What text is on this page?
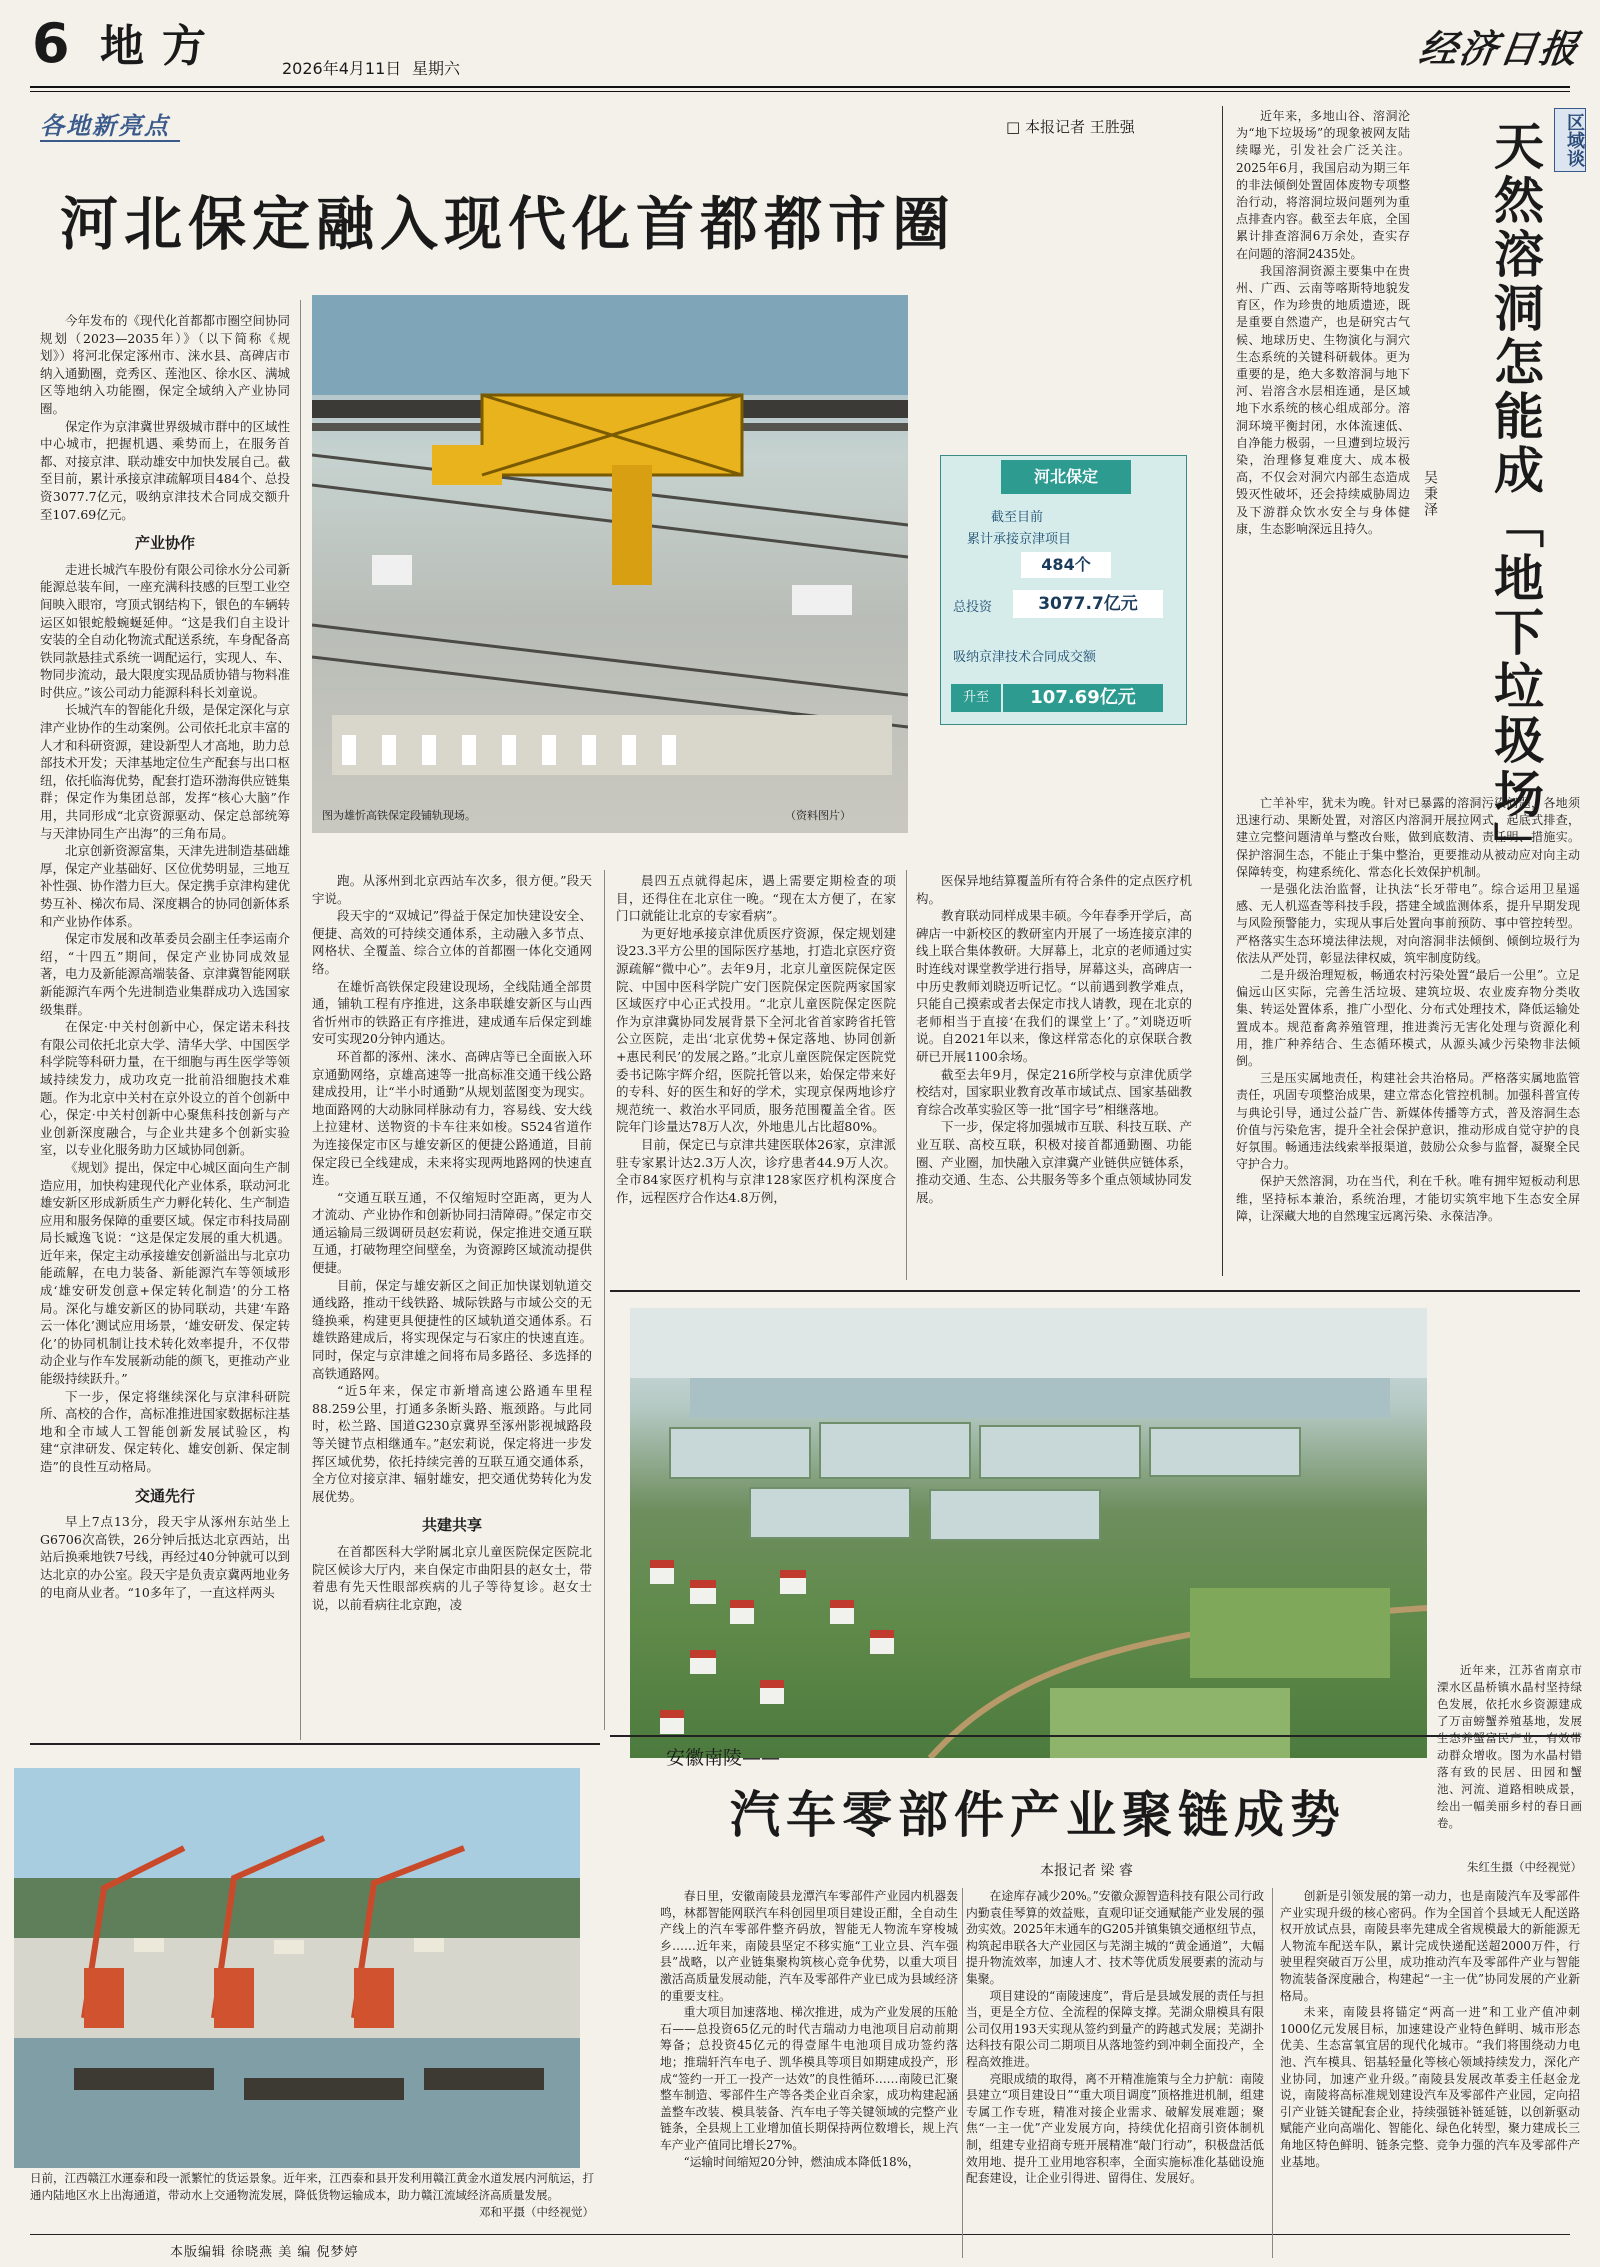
6 地方	2026年4月11日 星期六	经济日报
各地新亮点	□ 本报记者 王胜强
河北保定融入现代化首都都市圈
河北保定
截至目前
累计承接京津项目
484个
总投资	3077.7亿元
吸纳京津技术合同成交额
升至	107.69亿元
图为雄忻高铁保定段铺轨现场。	（资料图片）

今年发布的《现代化首都都市圈空间协同规划（2023—2035年）》（以下简称《规划》）将河北保定涿州市、涞水县、高碑店市纳入通勤圈，竞秀区、莲池区、徐水区、满城区等地纳入功能圈，保定全域纳入产业协同圈。

保定作为京津冀世界级城市群中的区域性中心城市，把握机遇、乘势而上，在服务首都、对接京津、联动雄安中加快发展自己。截至目前，累计承接京津疏解项目484个、总投资3077.7亿元，吸纳京津技术合同成交额升至107.69亿元。

产业协作

走进长城汽车股份有限公司徐水分公司新能源总装车间，一座充满科技感的巨型工业空间映入眼帘，穹顶式钢结构下，银色的车辆转运区如银蛇般蜿蜒延伸。“这是我们自主设计安装的全自动化物流式配送系统，车身配备高铁同款悬挂式系统一调配运行，实现人、车、物同步流动，最大限度实现品质协错与物料准时供应。”该公司动力能源科科长刘童说。

长城汽车的智能化升级，是保定深化与京津产业协作的生动案例。公司依托北京丰富的人才和科研资源，建设新型人才高地，助力总部技术开发；天津基地定位生产配套与出口枢纽，依托临海优势，配套打造环渤海供应链集群；保定作为集团总部，发挥“核心大脑”作用，共同形成“北京资源驱动、保定总部统筹与天津协同生产出海”的三角布局。

北京创新资源富集，天津先进制造基础雄厚，保定产业基础好、区位优势明显，三地互补性强、协作潜力巨大。保定携手京津构建优势互补、梯次布局、深度耦合的协同创新体系和产业协作体系。

保定市发展和改革委员会副主任李运南介绍，“十四五”期间，保定产业协同成效显著，电力及新能源高端装备、京津冀智能网联新能源汽车两个先进制造业集群成功入选国家级集群。

在保定·中关村创新中心，保定诺未科技有限公司依托北京大学、清华大学、中国医学科学院等科研力量，在干细胞与再生医学等领域持续发力，成功攻克一批前沿细胞技术难题。作为北京中关村在京外设立的首个创新中心，保定·中关村创新中心聚焦科技创新与产业创新深度融合，与企业共建多个创新实验室，以专业化服务助力区域协同创新。

《规划》提出，保定中心城区面向生产制造应用，加快构建现代化产业体系，联动河北雄安新区形成新质生产力孵化转化、生产制造应用和服务保障的重要区域。保定市科技局副局长臧逸飞说：“这是保定发展的重大机遇。近年来，保定主动承接雄安创新溢出与北京功能疏解，在电力装备、新能源汽车等领域形成‘雄安研发创意+保定转化制造’的分工格局。深化与雄安新区的协同联动，共建‘车路云一体化’测试应用场景，‘雄安研发、保定转化’的协同机制让技术转化效率提升，不仅带动企业与作车发展新动能的颜飞，更推动产业能级持续跃升。”

下一步，保定将继续深化与京津科研院所、高校的合作，高标准推进国家数据标注基地和全市域人工智能创新发展试验区，构建“京津研发、保定转化、雄安创新、保定制造”的良性互动格局。

交通先行

早上7点13分，段天宇从涿州东站坐上G6706次高铁，26分钟后抵达北京西站，出站后换乘地铁7号线，再经过40分钟就可以到达北京的办公室。段天宇是负责京冀两地业务的电商从业者。“10多年了，一直这样两头

跑。从涿州到北京西站车次多，很方便。”段天宇说。

段天宇的“双城记”得益于保定加快建设安全、便捷、高效的可持续交通体系，主动融入多节点、网格状、全覆盖、综合立体的首都圈一体化交通网络。

在雄忻高铁保定段建设现场，全线陆通全部贯通，铺轨工程有序推进，这条串联雄安新区与山西省忻州市的铁路正有序推进，建成通车后保定到雄安可实现20分钟内通达。

环首都的涿州、涞水、高碑店等已全面嵌入环京通勤网络，京雄高速等一批高标准交通干线公路建成投用，让“半小时通勤”从规划蓝图变为现实。地面路网的大动脉同样脉动有力，容易线、安大线上拉建材、送物资的卡车往来如梭。S524省道作为连接保定市区与雄安新区的便捷公路通道，目前保定段已全线建成，未来将实现两地路网的快速直连。

“交通互联互通，不仅缩短时空距离，更为人才流动、产业协作和创新协同扫清障碍。”保定市交通运输局三级调研员赵宏莉说，保定推进交通互联互通，打破物理空间壁垒，为资源跨区域流动提供便捷。

目前，保定与雄安新区之间正加快谋划轨道交通线路，推动干线铁路、城际铁路与市域公交的无缝换乘，构建更具便捷性的区域轨道交通体系。石雄铁路建成后，将实现保定与石家庄的快速直连。同时，保定与京津雄之间将布局多路径、多选择的高铁通路网。

“近5年来，保定市新增高速公路通车里程88.259公里，打通多条断头路、瓶颈路。与此同时，松兰路、国道G230京冀界至涿州影视城路段等关键节点相继通车。”赵宏莉说，保定将进一步发挥区域优势，依托持续完善的互联互通交通体系，全方位对接京津、辐射雄安，把交通优势转化为发展优势。

共建共享

在首都医科大学附属北京儿童医院保定医院北院区候诊大厅内，来自保定市曲阳县的赵女士，带着患有先天性眼部疾病的儿子等待复诊。赵女士说，以前看病往北京跑，凌

晨四五点就得起床，遇上需要定期检查的项目，还得住在北京住一晚。“现在太方便了，在家门口就能让北京的专家看病”。

为更好地承接京津优质医疗资源，保定规划建设23.3平方公里的国际医疗基地，打造北京医疗资源疏解“微中心”。去年9月，北京儿童医院保定医院、中国中医科学院广安门医院保定医院两家国家区域医疗中心正式投用。“北京儿童医院保定医院作为京津冀协同发展背景下全河北省首家跨省托管公立医院，走出‘北京优势+保定落地、协同创新+惠民利民’的发展之路。”北京儿童医院保定医院党委书记陈宇辉介绍，医院托管以来，始保定带来好的专科、好的医生和好的学术，实现京保两地诊疗规范统一、救治水平同质，服务范围覆盖全省。医院年门诊量达78万人次，外地患儿占比超80%。

目前，保定已与京津共建医联体26家，京津派驻专家累计达2.3万人次，诊疗患者44.9万人次。全市84家医疗机构与京津128家医疗机构深度合作，远程医疗合作达4.8万例，

医保异地结算覆盖所有符合条件的定点医疗机构。

教育联动同样成果丰硕。今年春季开学后，高碑店一中新校区的教研室内开展了一场连接京津的线上联合集体教研。大屏幕上，北京的老师通过实时连线对课堂教学进行指导，屏幕这头，高碑店一中历史教师刘晓迈听记忆。“以前遇到教学难点，只能自己摸索或者去保定市找人请教，现在北京的老师相当于直接‘在我们的课堂上’了。”刘晓迈听说。自2021年以来，像这样常态化的京保联合教研已开展1100余场。

截至去年9月，保定216所学校与京津优质学校结对，国家职业教育改革市域试点、国家基础教育综合改革实验区等一批“国字号”相继落地。

下一步，保定将加强城市互联、科技互联、产业互联、高校互联，积极对接首都通勤圈、功能圈、产业圈，加快融入京津冀产业链供应链体系，推动交通、生态、公共服务等多个重点领域协同发展。

区域谈
天然溶洞怎能成「地下垃圾场」
吴秉泽

近年来，多地山谷、溶洞沦为“地下垃圾场”的现象被网友陆续曝光，引发社会广泛关注。2025年6月，我国启动为期三年的非法倾倒处置固体废物专项整治行动，将溶洞垃圾问题列为重点排查内容。截至去年底，全国累计排查溶洞6万余处，查实存在问题的溶洞2435处。

我国溶洞资源主要集中在贵州、广西、云南等喀斯特地貌发育区，作为珍贵的地质遗迹，既是重要自然遗产，也是研究古气候、地球历史、生物演化与洞穴生态系统的关键科研载体。更为重要的是，绝大多数溶洞与地下河、岩溶含水层相连通，是区域地下水系统的核心组成部分。溶洞环境平衡封闭，水体流速低、自净能力极弱，一旦遭到垃圾污染，治理修复难度大、成本极高，不仅会对洞穴内部生态造成毁灭性破坏，还会持续威胁周边及下游群众饮水安全与身体健康，生态影响深远且持久。

亡羊补牢，犹未为晚。针对已暴露的溶洞污染问题，各地须迅速行动、果断处置，对溶区内溶洞开展拉网式、起底式排查，建立完整问题清单与整改台账，做到底数清、责任明、措施实。保护溶洞生态，不能止于集中整治，更要推动从被动应对向主动保障转变，构建系统化、常态化长效保护机制。

一是强化法治监督，让执法“长牙带电”。综合运用卫星遥感、无人机巡查等科技手段，搭建全域监测体系，提升早期发现与风险预警能力，实现从事后处置向事前预防、事中管控转型。严格落实生态环境法律法规，对向溶洞非法倾倒、倾倒垃圾行为依法从严处罚，彰显法律权威，筑牢制度防线。

二是升级治理短板，畅通农村污染处置“最后一公里”。立足偏远山区实际，完善生活垃圾、建筑垃圾、农业废弃物分类收集、转运处置体系，推广小型化、分布式处理技术，降低运输处置成本。规范畜禽养殖管理，推进粪污无害化处理与资源化利用，推广种养结合、生态循环模式，从源头减少污染物非法倾倒。

三是压实属地责任，构建社会共治格局。严格落实属地监管责任，巩固专项整治成果，建立常态化管控机制。加强科普宣传与典论引导，通过公益广告、新媒体传播等方式，普及溶洞生态价值与污染危害，提升全社会保护意识，推动形成自觉守护的良好氛围。畅通违法线索举报渠道，鼓励公众参与监督，凝聚全民守护合力。

保护天然溶洞，功在当代，利在千秋。唯有拥牢短板动利思维，坚持标本兼治，系统治理，才能切实筑牢地下生态安全屏障，让深藏大地的自然瑰宝远离污染、永葆洁净。

近年来，江苏省南京市溧水区晶桥镇水晶村坚持绿色发展，依托水乡资源建成了万亩螃蟹养殖基地，发展生态养蟹富民产业，有效带动群众增收。图为水晶村错落有致的民居、田园和蟹池、河流、道路相映成景，绘出一幅美丽乡村的春日画卷。
朱红生摄（中经视觉）
日前，江西赣江水運泰和段一派繁忙的货运景象。近年来，江西泰和县开发利用赣江黄金水道发展内河航运，打通内陆地区水上出海通道，带动水上交通物流发展，降低货物运输成本，助力赣江流域经济高质量发展。
邓和平摄（中经视觉）
安徽南陵——
汽车零部件产业聚链成势
本报记者 梁 睿

春日里，安徽南陵县龙潭汽车零部件产业园内机器轰鸣，林都智能网联汽车科创园里项目建设正酣，全自动生产线上的汽车零部件整齐码放，智能无人物流车穿梭城乡……近年来，南陵县坚定不移实施“工业立县、汽车强县”战略，以产业链集聚构筑核心竞争优势，以重大项目激活高质量发展动能，汽车及零部件产业已成为县域经济的重要支柱。

重大项目加速落地、梯次推进，成为产业发展的压舱石——总投资65亿元的时代吉瑞动力电池项目启动前期筹备；总投资45亿元的得壹犀牛电池项目成功签约落地；推瑞轩汽车电子、凯华模具等项目如期建成投产，形成“签约一开工一投产一达效”的良性循环……南陵已汇聚整车制造、零部件生产等各类企业百余家，成功构建起涵盖整车改装、模具装备、汽车电子等关键领域的完整产业链条，全县规上工业增加值长期保持两位数增长，规上汽车产业产值同比增长27%。

“运输时间缩短20分钟，燃油成本降低18%，

在途库存减少20%。”安徽众源智造科技有限公司行政内勤袁佳琴算的效益账，直观印证交通赋能产业发展的强劲实效。2025年末通车的G205并镇集镇交通枢纽节点，构筑起串联各大产业园区与芜湖主城的“黄金通道”，大幅提升物流效率，加速人才、技术等优质发展要素的流动与集聚。

项目建设的“南陵速度”，背后是县域发展的责任与担当，更是全方位、全流程的保障支撑。芜湖众鼎模具有限公司仅用193天实现从签约到量产的跨越式发展；芜湖扑达科技有限公司二期项目从落地签约到冲刺全面投产，全程高效推进。

亮眼成绩的取得，离不开精准施策与全力护航：南陵县建立“项目建设日”“重大项目调度”顶格推进机制，组建专属工作专班，精准对接企业需求、破解发展难题；聚焦“一主一优”产业发展方向，持续优化招商引资体制机制，组建专业招商专班开展精准“敲门行动”，积极盘活低效用地、提升工业用地容积率，全面实施标准化基础设施配套建设，让企业引得进、留得住、发展好。

创新是引领发展的第一动力，也是南陵汽车及零部件产业实现升级的核心密码。作为全国首个县域无人配送路权开放试点县，南陵县率先建成全省规模最大的新能源无人物流车配送车队，累计完成快递配送超2000万件，行驶里程突破百万公里，成功推动汽车及零部件产业与智能物流装备深度融合，构建起“一主一优”协同发展的产业新格局。

未来，南陵县将锚定“两高一进”和工业产值冲刺1000亿元发展目标，加速建设产业特色鲜明、城市形态优美、生态富氧宜居的现代化城市。“我们将围绕动力电池、汽车模具、铝基轻量化等核心领域持续发力，深化产业协同，加速产业升级。”南陵县发展改革委主任赵金龙说，南陵将高标准规划建设汽车及零部件产业园，定向招引产业链关键配套企业，持续强链补链延链，以创新驱动赋能产业向高端化、智能化、绿色化转型，聚力建成长三角地区特色鲜明、链条完整、竞争力强的汽车及零部件产业基地。

本版编辑 徐晓燕 美 编 倪梦婷
